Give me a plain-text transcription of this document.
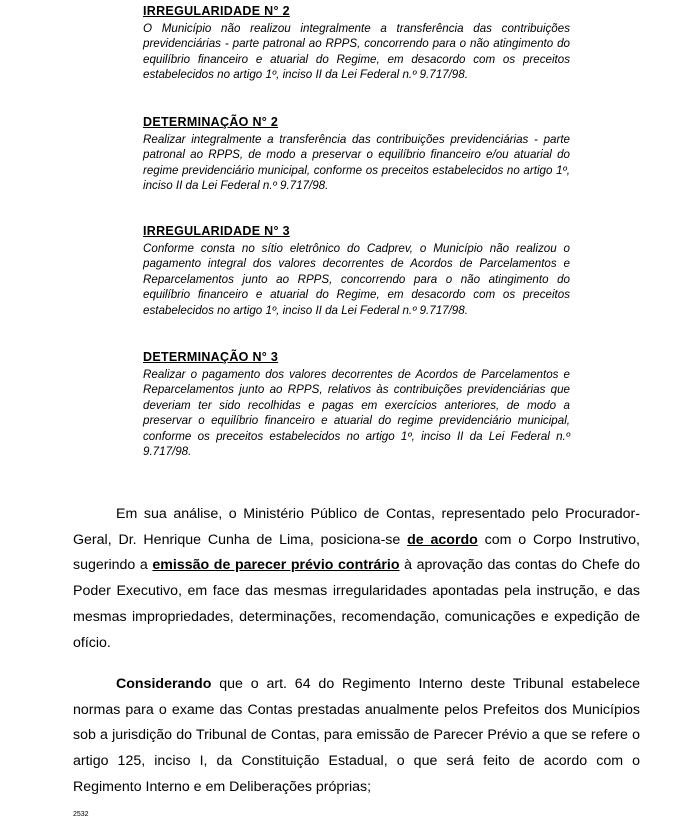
IRREGULARIDADE N° 2

O Município não realizou integralmente a transferência das contribuições previdenciárias - parte patronal ao RPPS, concorrendo para o não atingimento do equilíbrio financeiro e atuarial do Regime, em desacordo com os preceitos estabelecidos no artigo 1º, inciso II da Lei Federal n.º 9.717/98.

DETERMINAÇÃO N° 2

Realizar integralmente a transferência das contribuições previdenciárias - parte patronal ao RPPS, de modo a preservar o equilíbrio financeiro e/ou atuarial do regime previdenciário municipal, conforme os preceitos estabelecidos no artigo 1º, inciso II da Lei Federal n.º 9.717/98.

IRREGULARIDADE N° 3

Conforme consta no sítio eletrônico do Cadprev, o Município não realizou o pagamento integral dos valores decorrentes de Acordos de Parcelamentos e Reparcelamentos junto ao RPPS, concorrendo para o não atingimento do equilíbrio financeiro e atuarial do Regime, em desacordo com os preceitos estabelecidos no artigo 1º, inciso II da Lei Federal n.º 9.717/98.

DETERMINAÇÃO N° 3

Realizar o pagamento dos valores decorrentes de Acordos de Parcelamentos e Reparcelamentos junto ao RPPS, relativos às contribuições previdenciárias que deveriam ter sido recolhidas e pagas em exercícios anteriores, de modo a preservar o equilíbrio financeiro e atuarial do regime previdenciário municipal, conforme os preceitos estabelecidos no artigo 1º, inciso II da Lei Federal n.º 9.717/98.

Em sua análise, o Ministério Público de Contas, representado pelo Procurador-Geral, Dr. Henrique Cunha de Lima, posiciona-se de acordo com o Corpo Instrutivo, sugerindo a emissão de parecer prévio contrário à aprovação das contas do Chefe do Poder Executivo, em face das mesmas irregularidades apontadas pela instrução, e das mesmas impropriedades, determinações, recomendação, comunicações e expedição de ofício.

Considerando que o art. 64 do Regimento Interno deste Tribunal estabelece normas para o exame das Contas prestadas anualmente pelos Prefeitos dos Municípios sob a jurisdição do Tribunal de Contas, para emissão de Parecer Prévio a que se refere o artigo 125, inciso I, da Constituição Estadual, o que será feito de acordo com o Regimento Interno e em Deliberações próprias;

2532
